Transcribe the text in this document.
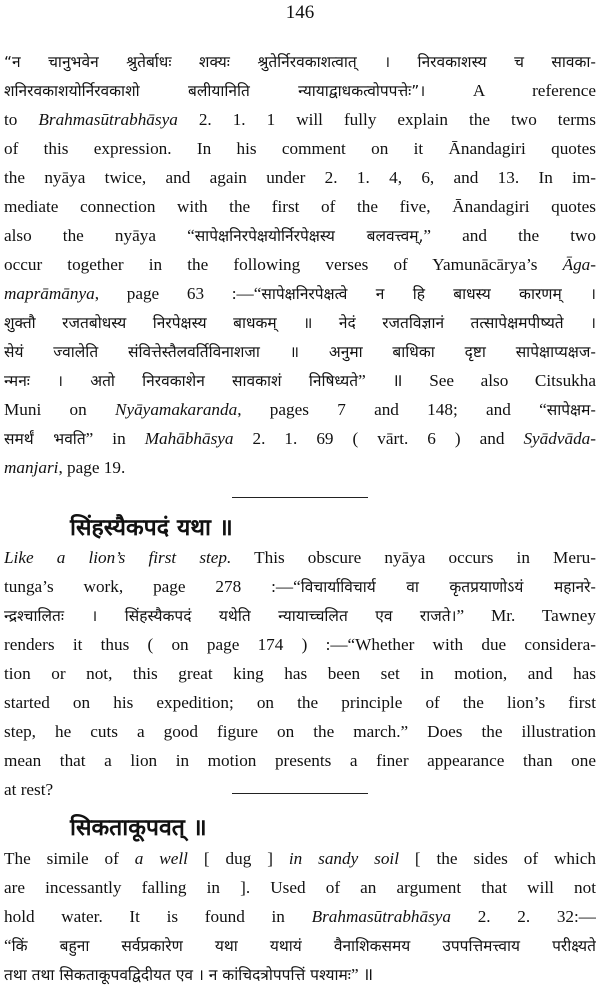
146
“न चानुभवेन श्रुतेर्बाधः शक्यः श्रुतेर्निरवकाशत्वात् । निरवकाशस्य च सावका-
शनिरवकाशयोर्निरवकाशो बलीयानिति न्यायाद्वाधकत्वोपपत्तेः”। A reference
to Brahmasūtrabhāsya 2. 1. 1 will fully explain the two terms
of this expression. In his comment on it Ānandagiri quotes
the nyāya twice, and again under 2. 1. 4, 6, and 13. In im-
mediate connection with the first of the five, Ānandagiri quotes
also the nyāya “सापेक्षनिरपेक्षयोर्निरपेक्षस्य बलवत्त्वम्,” and the two
occur together in the following verses of Yamunācārya’s Āga-
maprāmānya, page 63 :—“सापेक्षनिरपेक्षत्वे न हि बाधस्य कारणम् ।
शुक्तौ रजतबोधस्य निरपेक्षस्य बाधकम् ॥ नेदं रजतविज्ञानं तत्सापेक्षमपीष्यते ।
सेयं ज्वालेति संवित्तेस्तैलवर्तिविनाशजा ॥ अनुमा बाधिका दृष्टा सापेक्षाप्यक्षज-
न्मनः । अतो निरवकाशेन सावकाशं निषिध्यते” ॥ See also Citsukha
Muni on Nyāyamakaranda, pages 7 and 148; and “सापेक्षम-
समर्थं भवति” in Mahābhāsya 2. 1. 69 ( vārt. 6 ) and Syādvāda-
manjari, page 19.
सिंहस्यैकपदं यथा ॥
Like a lion’s first step. This obscure nyāya occurs in Meru-
tunga’s work, page 278 :—“विचार्याविचार्य वा कृतप्रयाणोऽयं महानरे-
न्द्रश्चालितः । सिंहस्यैकपदं यथेति न्यायाच्चलित एव राजते।” Mr. Tawney
renders it thus ( on page 174 ) :—“Whether with due considera-
tion or not, this great king has been set in motion, and has
started on his expedition; on the principle of the lion’s first
step, he cuts a good figure on the march.” Does the illustration
mean that a lion in motion presents a finer appearance than one
at rest?
सिकताकूपवत् ॥
The simile of a well [ dug ] in sandy soil [ the sides of which
are incessantly falling in ]. Used of an argument that will not
hold water. It is found in Brahmasūtrabhāsya 2. 2. 32:—
“किं बहुना सर्वप्रकारेण यथा यथायं वैनाशिकसमय उपपत्तिमत्त्वाय परीक्ष्यते
तथा तथा सिकताकूपवद्विदीयत एव । न कांचिदत्रोपपत्तिं पश्यामः” ॥
